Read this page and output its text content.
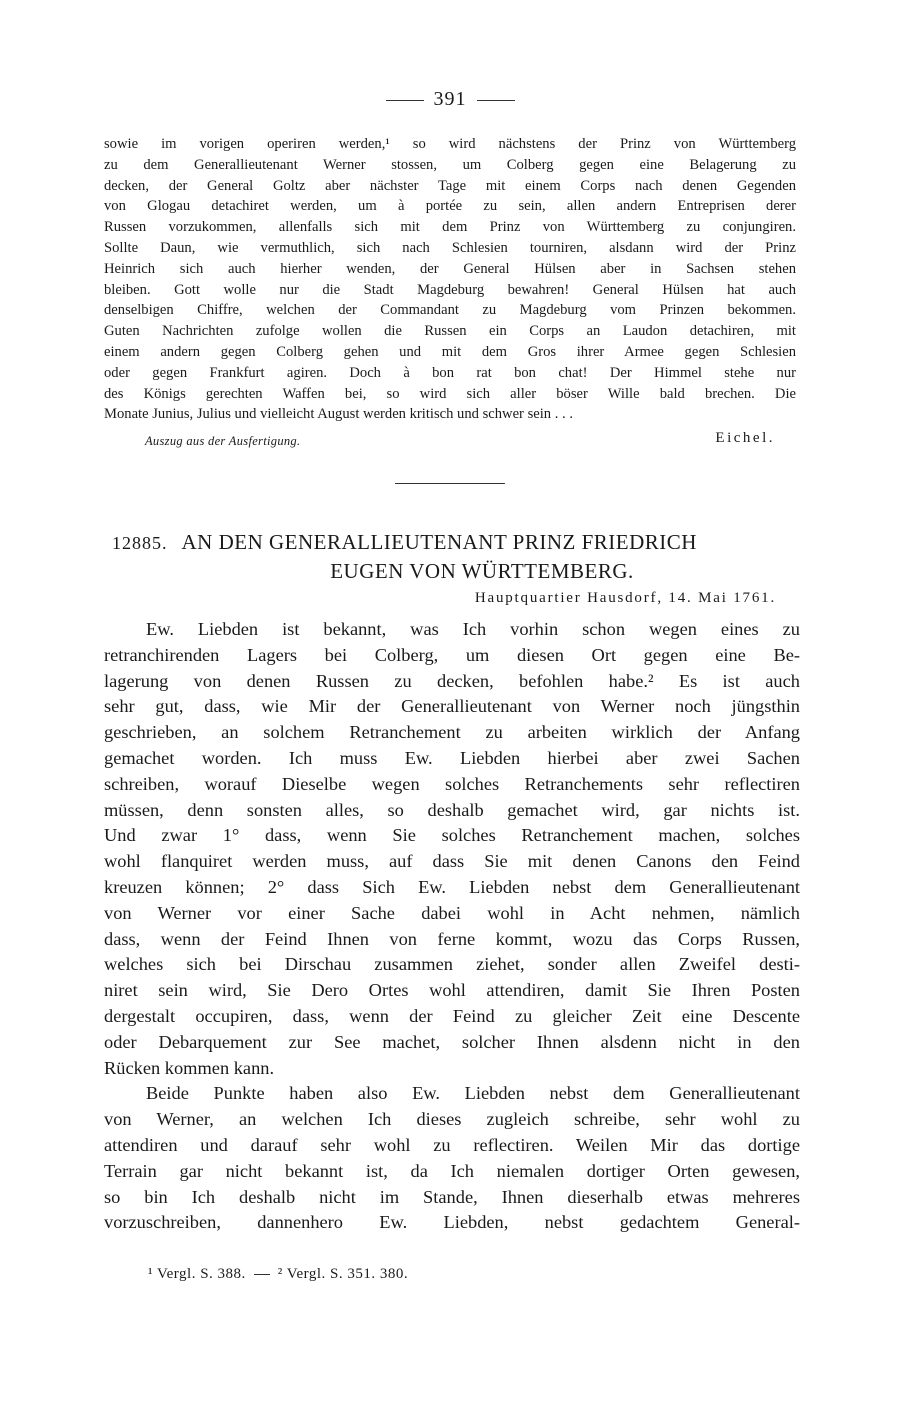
391
sowie im vorigen operiren werden,¹ so wird nächstens der Prinz von Württemberg
zu dem Generallieutenant Werner stossen, um Colberg gegen eine Belagerung zu
decken, der General Goltz aber nächster Tage mit einem Corps nach denen Gegenden
von Glogau detachiret werden, um à portée zu sein, allen andern Entreprisen derer
Russen vorzukommen, allenfalls sich mit dem Prinz von Württemberg zu conjungiren.
Sollte Daun, wie vermuthlich, sich nach Schlesien tourniren, alsdann wird der Prinz
Heinrich sich auch hierher wenden, der General Hülsen aber in Sachsen stehen
bleiben. Gott wolle nur die Stadt Magdeburg bewahren! General Hülsen hat auch
denselbigen Chiffre, welchen der Commandant zu Magdeburg vom Prinzen bekommen.
Guten Nachrichten zufolge wollen die Russen ein Corps an Laudon detachiren, mit
einem andern gegen Colberg gehen und mit dem Gros ihrer Armee gegen Schlesien
oder gegen Frankfurt agiren. Doch à bon rat bon chat! Der Himmel stehe nur
des Königs gerechten Waffen bei, so wird sich aller böser Wille bald brechen. Die
Monate Junius, Julius und vielleicht August werden kritisch und schwer sein . . .
Auszug aus der Ausfertigung.	Eichel.
12885. AN DEN GENERALLIEUTENANT PRINZ FRIEDRICH
EUGEN VON WÜRTTEMBERG.
Hauptquartier Hausdorf, 14. Mai 1761.
Ew. Liebden ist bekannt, was Ich vorhin schon wegen eines zu
retranchirenden Lagers bei Colberg, um diesen Ort gegen eine Be-
lagerung von denen Russen zu decken, befohlen habe.² Es ist auch
sehr gut, dass, wie Mir der Generallieutenant von Werner noch jüngsthin
geschrieben, an solchem Retranchement zu arbeiten wirklich der Anfang
gemachet worden. Ich muss Ew. Liebden hierbei aber zwei Sachen
schreiben, worauf Dieselbe wegen solches Retranchements sehr reflectiren
müssen, denn sonsten alles, so deshalb gemachet wird, gar nichts ist.
Und zwar 1° dass, wenn Sie solches Retranchement machen, solches
wohl flanquiret werden muss, auf dass Sie mit denen Canons den Feind
kreuzen können; 2° dass Sich Ew. Liebden nebst dem Generallieutenant
von Werner vor einer Sache dabei wohl in Acht nehmen, nämlich
dass, wenn der Feind Ihnen von ferne kommt, wozu das Corps Russen,
welches sich bei Dirschau zusammen ziehet, sonder allen Zweifel desti-
niret sein wird, Sie Dero Ortes wohl attendiren, damit Sie Ihren Posten
dergestalt occupiren, dass, wenn der Feind zu gleicher Zeit eine Descente
oder Debarquement zur See machet, solcher Ihnen alsdenn nicht in den
Rücken kommen kann.
Beide Punkte haben also Ew. Liebden nebst dem Generallieutenant
von Werner, an welchen Ich dieses zugleich schreibe, sehr wohl zu
attendiren und darauf sehr wohl zu reflectiren. Weilen Mir das dortige
Terrain gar nicht bekannt ist, da Ich niemalen dortiger Orten gewesen,
so bin Ich deshalb nicht im Stande, Ihnen dieserhalb etwas mehreres
vorzuschreiben, dannenhero Ew. Liebden, nebst gedachtem General-
¹ Vergl. S. 388. ² Vergl. S. 351. 380.
